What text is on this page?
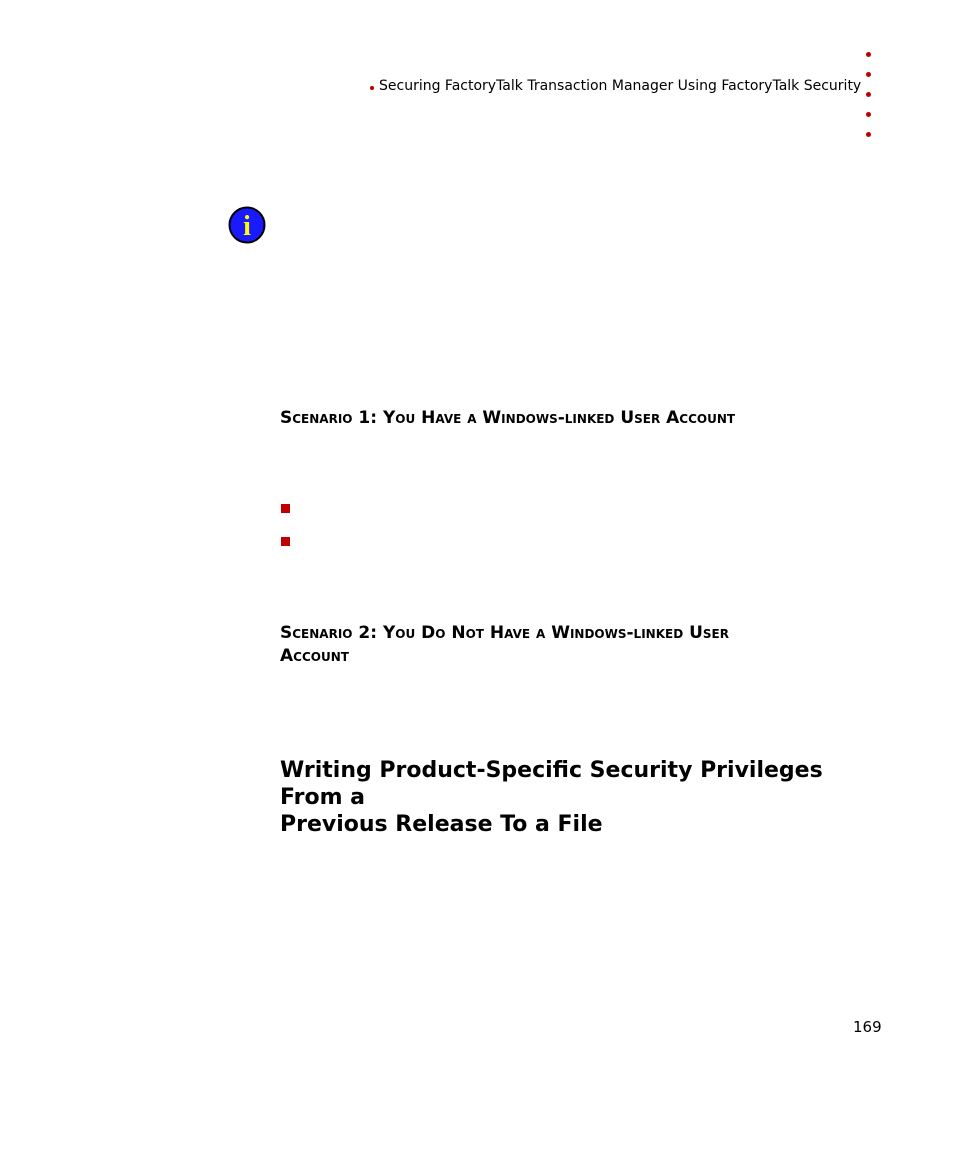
Securing FactoryTalk Transaction Manager Using FactoryTalk Security
i
Scenario 1: You Have a Windows-linked User Account
Scenario 2: You Do Not Have a Windows-linked User
Account
Writing Product-Specific Security Privileges From a
Previous Release To a File
169
